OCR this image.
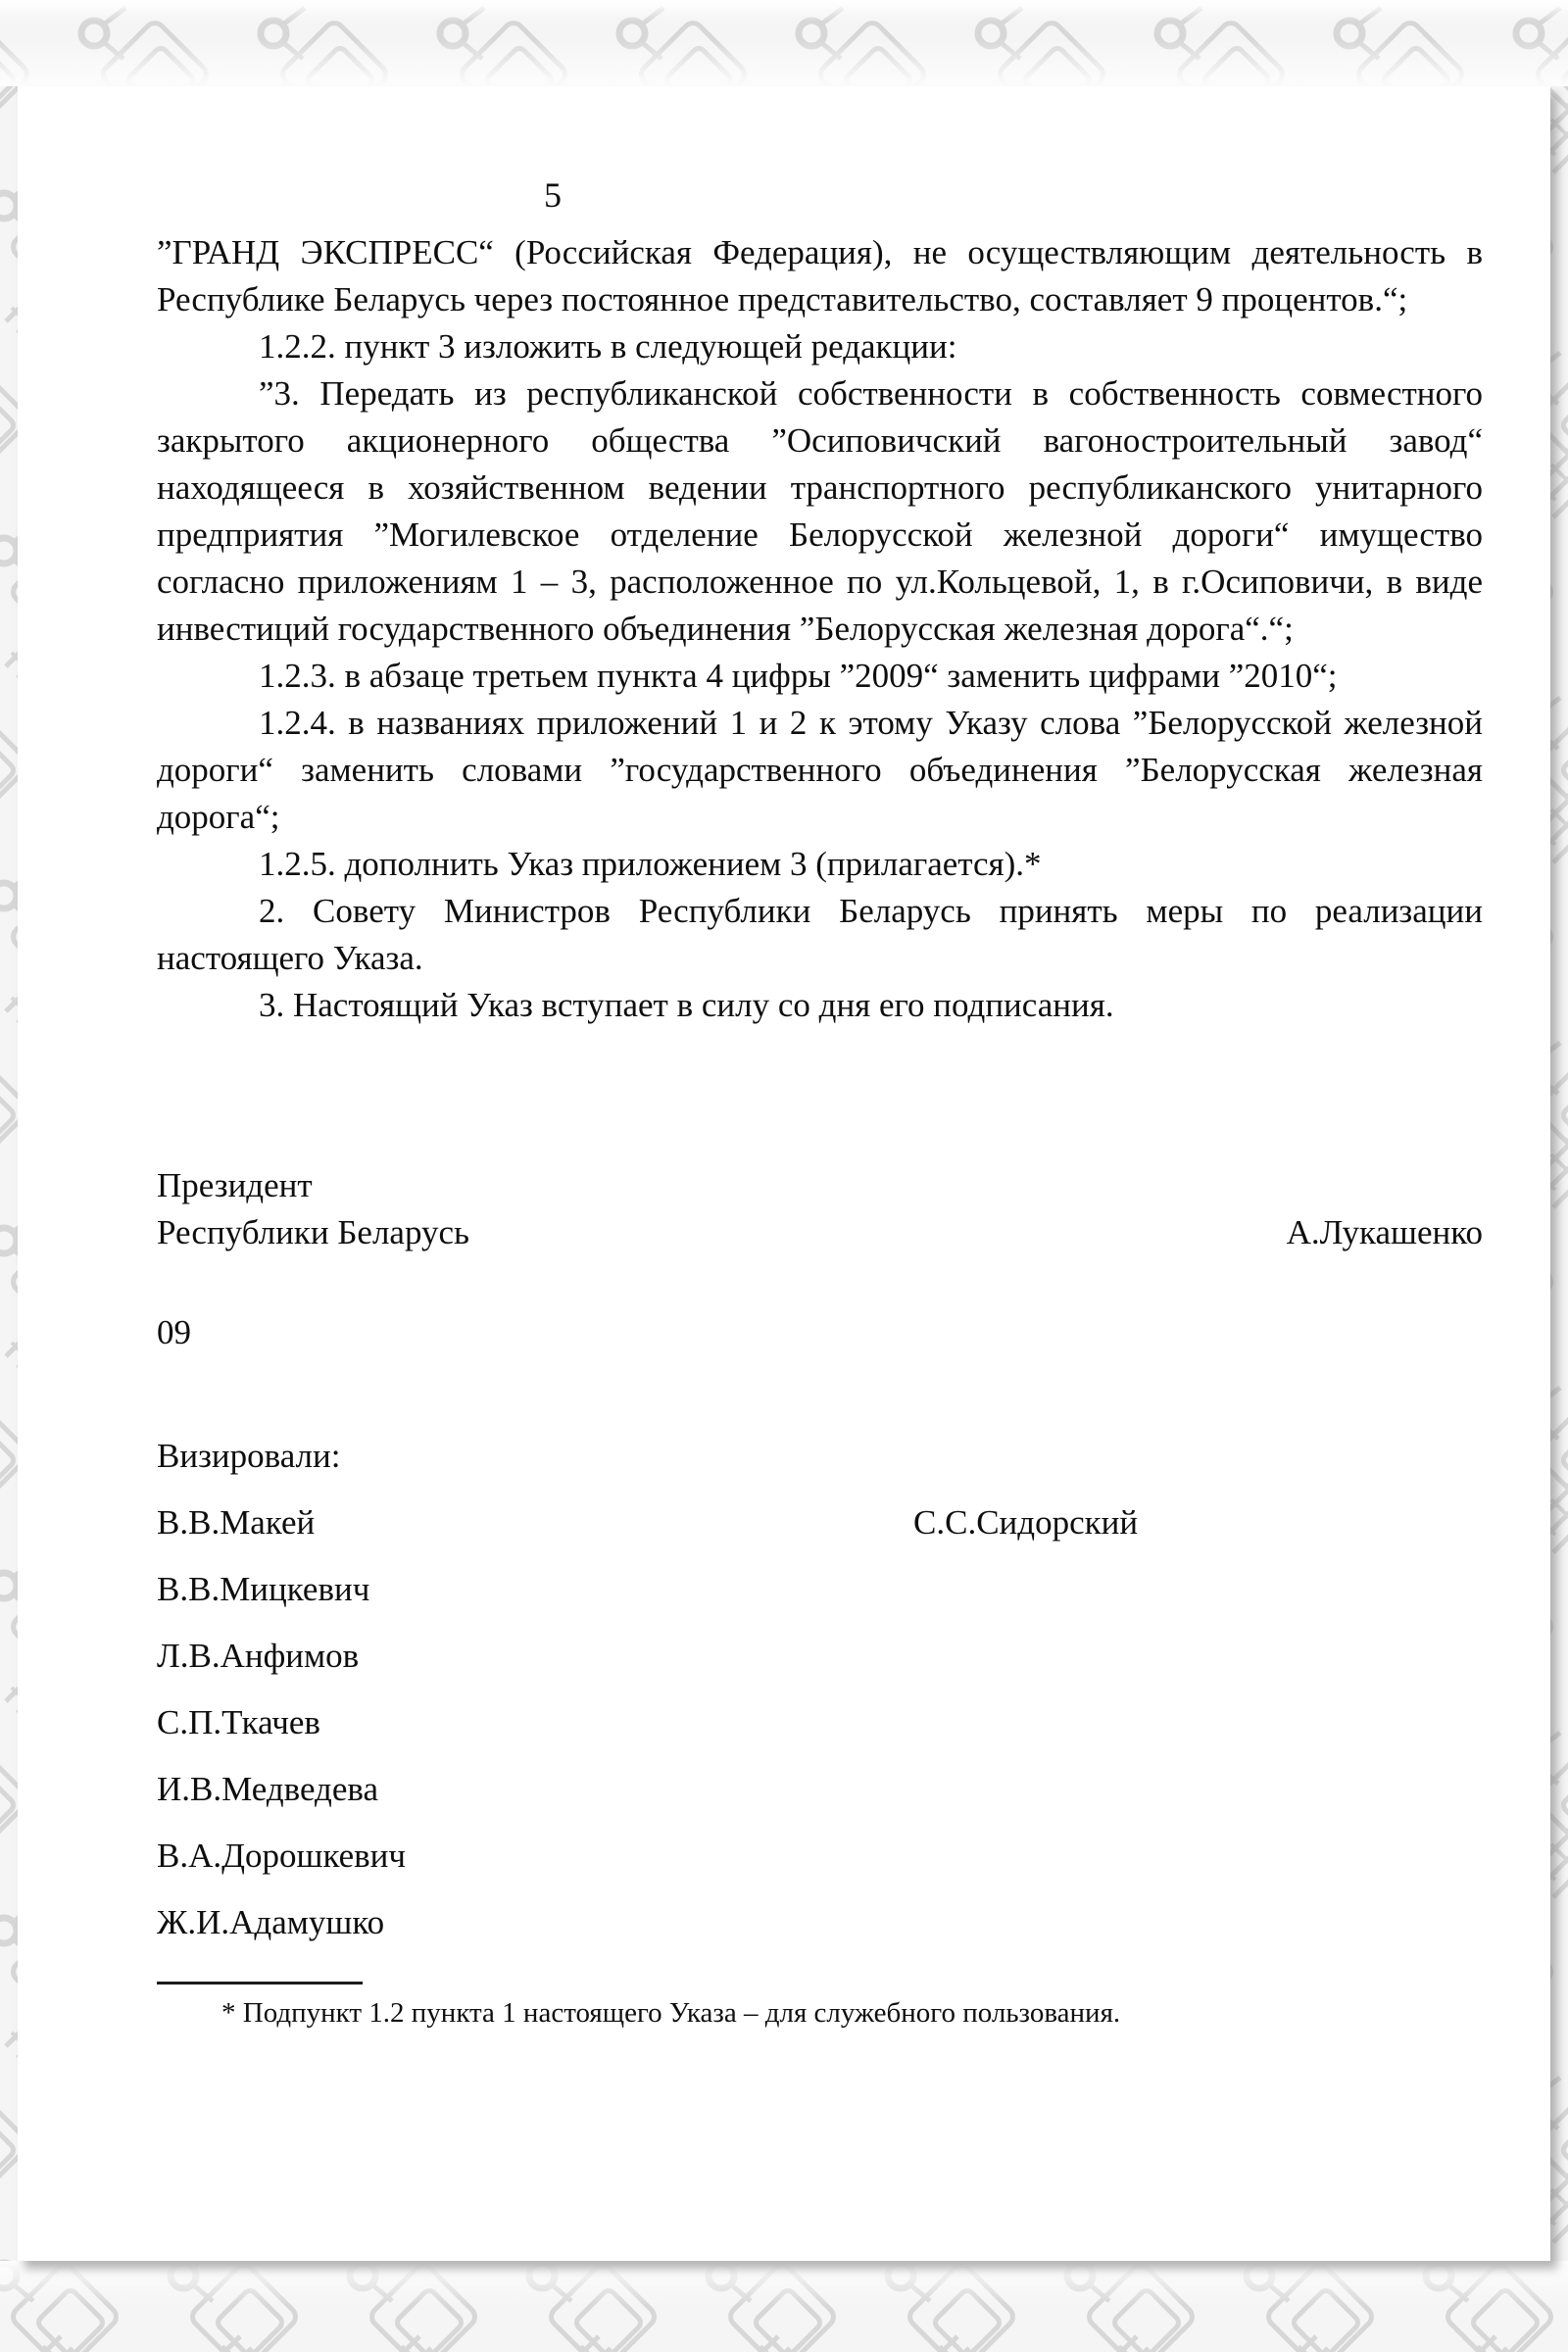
5

”ГРАНД ЭКСПРЕСС“ (Российская Федерация), не осуществляющим деятельность в Республике Беларусь через постоянное представительство, составляет 9 процентов.“;

1.2.2. пункт 3 изложить в следующей редакции:

”3. Передать из республиканской собственности в собственность совместного закрытого акционерного общества ”Осиповичский вагоностроительный завод“ находящееся в хозяйственном ведении транспортного республиканского унитарного предприятия ”Могилевское отделение Белорусской железной дороги“ имущество согласно приложениям 1 – 3, расположенное по ул.Кольцевой, 1, в г.Осиповичи, в виде инвестиций государственного объединения ”Белорусская железная дорога“.“;

1.2.3. в абзаце третьем пункта 4 цифры ”2009“ заменить цифрами ”2010“;

1.2.4. в названиях приложений 1 и 2 к этому Указу слова ”Белорусской железной дороги“ заменить словами ”государственного объединения ”Белорусская железная дорога“;

1.2.5. дополнить Указ приложением 3 (прилагается).*

2. Совету Министров Республики Беларусь принять меры по реализации настоящего Указа.

3. Настоящий Указ вступает в силу со дня его подписания.

Президент
Республики Беларусь	А.Лукашенко
09
Визировали:
В.В.Макей	С.С.Сидорский
В.В.Мицкевич
Л.В.Анфимов
С.П.Ткачев
И.В.Медведева
В.А.Дорошкевич
Ж.И.Адамушко

* Подпункт 1.2 пункта 1 настоящего Указа – для служебного пользования.
